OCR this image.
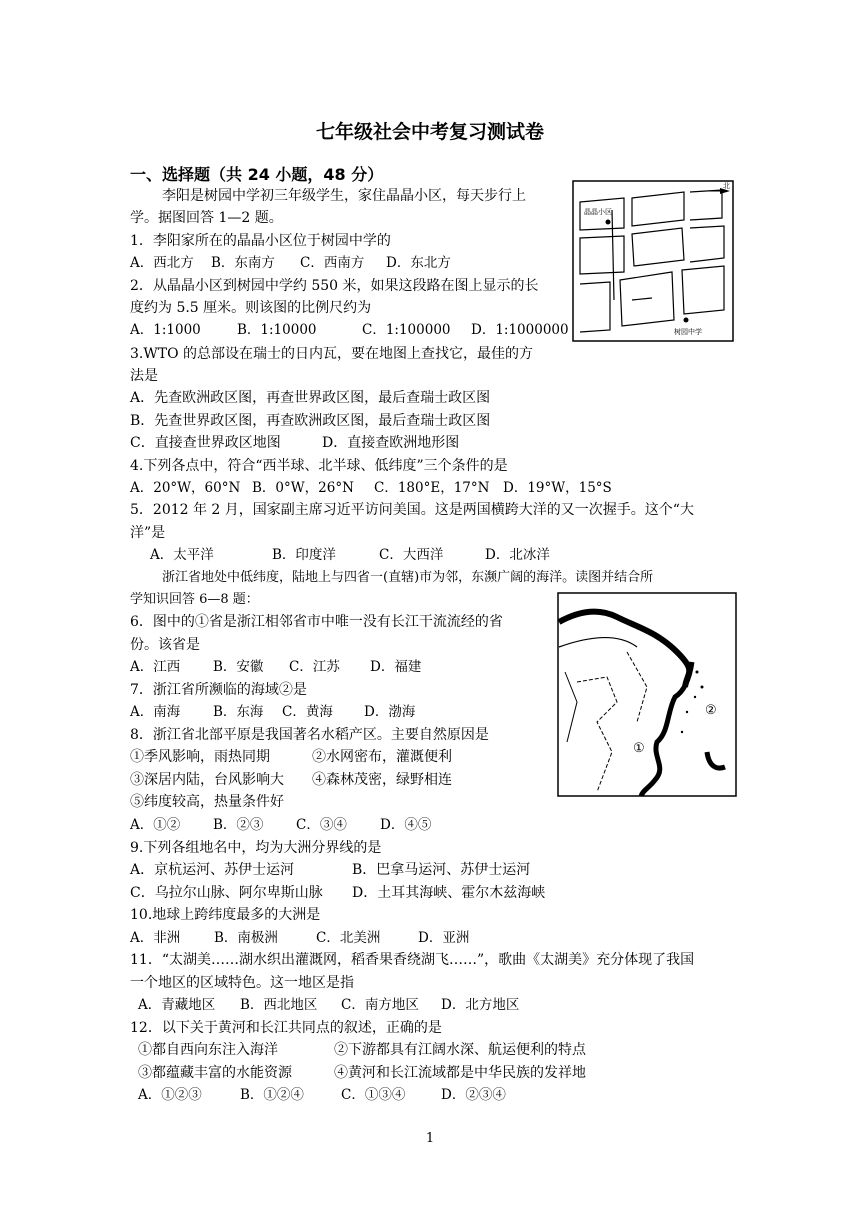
七年级社会中考复习测试卷
一、选择题（共 24 小题，48 分）
李阳是树园中学初三年级学生，家住晶晶小区，每天步行上
学。据图回答 1—2 题。
北
晶晶小区
树园中学
1．李阳家所在的晶晶小区位于树园中学的
A．西北方 B．东南方 C．西南方 D．东北方
2．从晶晶小区到树园中学约 550 米，如果这段路在图上显示的长
度约为 5.5 厘米。则该图的比例尺约为
A．1:1000	B．1:10000	C．1:100000 D．1:1000000
3.WTO 的总部设在瑞士的日内瓦，要在地图上查找它，最佳的方
法是
A．先查欧洲政区图，再查世界政区图，最后查瑞士政区图
B．先查世界政区图，再查欧洲政区图，最后查瑞士政区图
C．直接查世界政区地图	D．直接查欧洲地形图
4.下列各点中，符合“西半球、北半球、低纬度”三个条件的是
A．20°W，60°N B．0°W，26°N C．180°E，17°N D．19°W，15°S
5．2012 年 2 月，国家副主席习近平访问美国。这是两国横跨大洋的又一次握手。这个“大
洋”是
A．太平洋	B．印度洋	C．大西洋	D．北冰洋
浙江省地处中低纬度，陆地上与四省一(直辖)市为邻，东濒广阔的海洋。读图并结合所
学知识回答 6—8 题：
②
①
6．图中的①省是浙江相邻省市中唯一没有长江干流流经的省
份。该省是
A．江西 B．安徽 C．江苏 D．福建
7．浙江省所濒临的海域②是
A．南海 B．东海 C．黄海 D．渤海
8．浙江省北部平原是我国著名水稻产区。主要自然原因是
①季风影响，雨热同期	②水网密布，灌溉便利
③深居内陆，台风影响大 ④森林茂密，绿野相连
⑤纬度较高，热量条件好
A．①② B．②③ C．③④ D．④⑤
9.下列各组地名中，均为大洲分界线的是
A．京杭运河、苏伊士运河	B．巴拿马运河、苏伊士运河
C．乌拉尔山脉、阿尔卑斯山脉 D．土耳其海峡、霍尔木兹海峡
10.地球上跨纬度最多的大洲是
A．非洲	B．南极洲	C．北美洲	D．亚洲
11．“太湖美……湖水织出灌溉网，稻香果香绕湖飞……”，歌曲《太湖美》充分体现了我国
一个地区的区域特色。这一地区是指
A．青藏地区 B．西北地区 C．南方地区 D．北方地区
12．以下关于黄河和长江共同点的叙述，正确的是
①都自西向东注入海洋	②下游都具有江阔水深、航运便利的特点
③都蕴藏丰富的水能资源	④黄河和长江流域都是中华民族的发祥地
A．①②③	B．①②④	C．①③④	D．②③④
1
